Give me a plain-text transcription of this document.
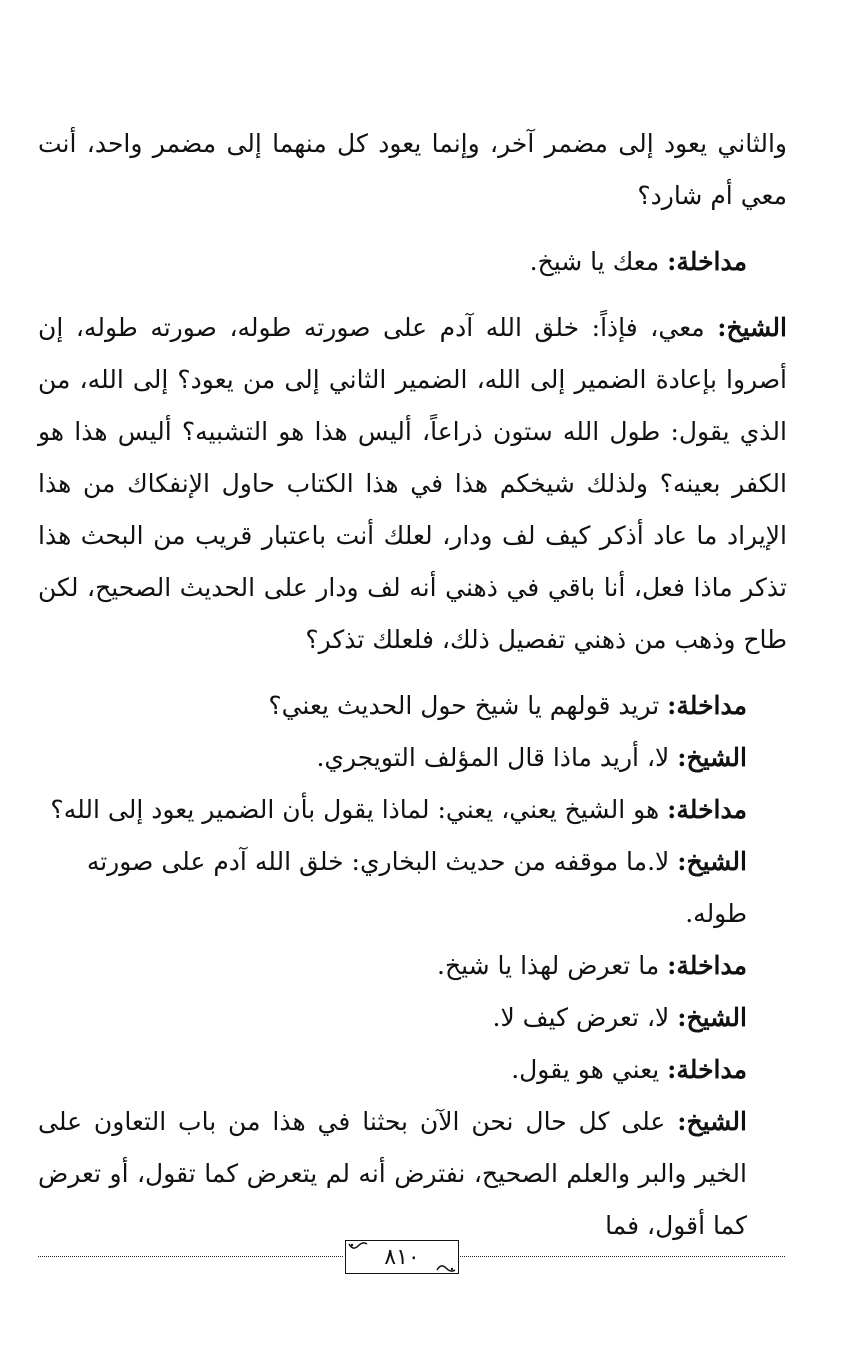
والثاني يعود إلى مضمر آخر، وإنما يعود كل منهما إلى مضمر واحد، أنت معي أم شارد؟

مداخلة: معك يا شيخ.

الشيخ: معي، فإذاً: خلق الله آدم على صورته طوله، صورته طوله، إن أصروا بإعادة الضمير إلى الله، الضمير الثاني إلى من يعود؟ إلى الله، من الذي يقول: طول الله ستون ذراعاً، أليس هذا هو التشبيه؟ أليس هذا هو الكفر بعينه؟ ولذلك شيخكم هذا في هذا الكتاب حاول الإنفكاك من هذا الإيراد ما عاد أذكر كيف لف ودار، لعلك أنت باعتبار قريب من البحث هذا تذكر ماذا فعل، أنا باقي في ذهني أنه لف ودار على الحديث الصحيح، لكن طاح وذهب من ذهني تفصيل ذلك، فلعلك تذكر؟

مداخلة: تريد قولهم يا شيخ حول الحديث يعني؟

الشيخ: لا، أريد ماذا قال المؤلف التويجري.

مداخلة: هو الشيخ يعني، يعني: لماذا يقول بأن الضمير يعود إلى الله؟

الشيخ: لا.ما موقفه من حديث البخاري: خلق الله آدم على صورته طوله.

مداخلة: ما تعرض لهذا يا شيخ.

الشيخ: لا، تعرض كيف لا.

مداخلة: يعني هو يقول.

الشيخ: على كل حال نحن الآن بحثنا في هذا من باب التعاون على الخير والبر والعلم الصحيح، نفترض أنه لم يتعرض كما تقول، أو تعرض كما أقول، فما

٨١٠
